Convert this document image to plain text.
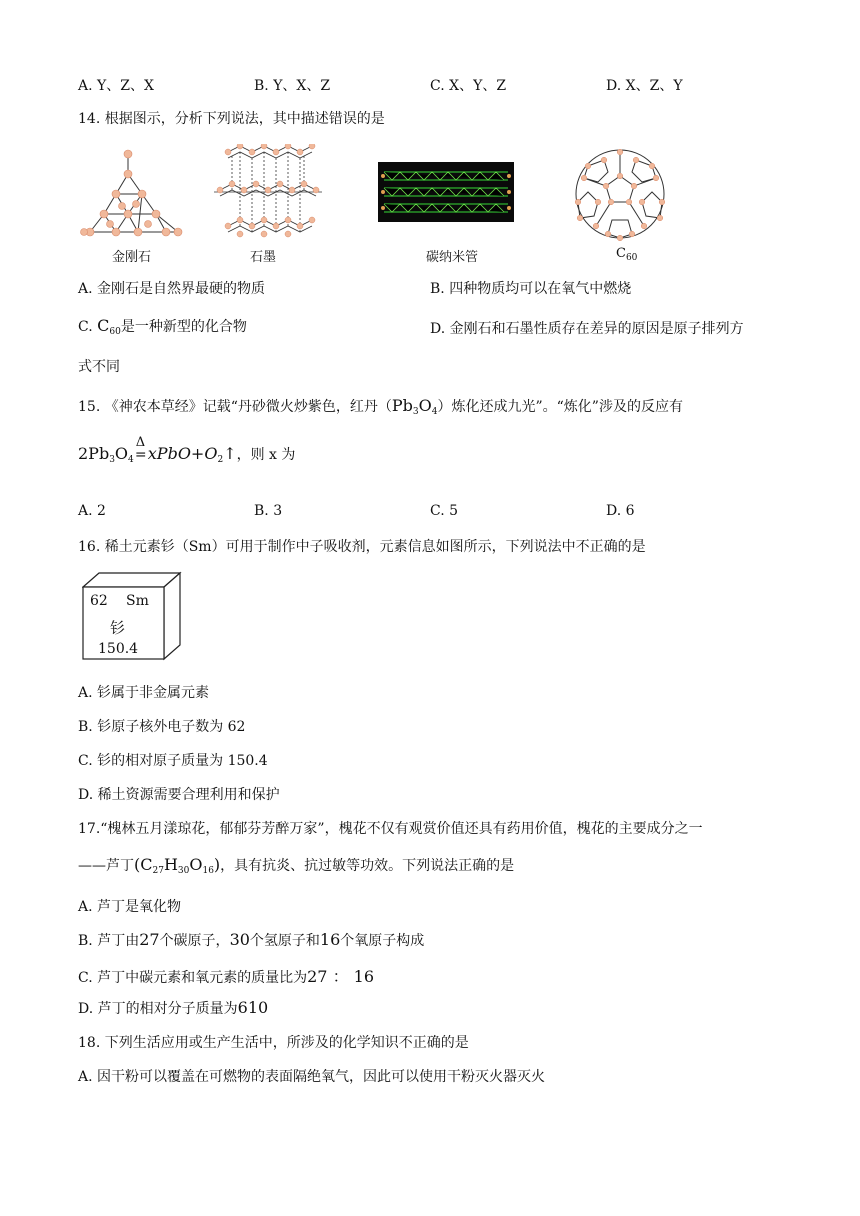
A. Y、Z、X	B. Y、X、Z	C. X、Y、Z	D. X、Z、Y
14. 根据图示，分析下列说法，其中描述错误的是
金刚石	石墨	碳纳米管	$C_{60}$
A. 金刚石是自然界最硬的物质	B. 四种物质均可以在氧气中燃烧
C. $C_{60}$是一种新型的化合物	D. 金刚石和石墨性质存在差异的原因是原子排列方
式不同
15. 《神农本草经》记载“丹砂微火炒紫色，红丹$(Pb_3O_4)$炼化还成九光”。“炼化”涉及的反应有
$2Pb_3O_4$
Δ
$=xPbO+O_2↑$，则 x 为
A. 2	B. 3	C. 5	D. 6
16. 稀土元素钐（Sm）可用于制作中子吸收剂，元素信息如图所示，下列说法中不正确的是
62 Sm
钐
150.4
A. 钐属于非金属元素
B. 钐原子核外电子数为 62
C. 钐的相对原子质量为 150.4
D. 稀土资源需要合理利用和保护
17.“槐林五月漾琼花，郁郁芬芳醉万家”，槐花不仅有观赏价值还具有药用价值，槐花的主要成分之一
——芦丁$(C_{27}H_{30}O_{16})$，具有抗炎、抗过敏等功效。下列说法正确的是
A. 芦丁是氧化物
B. 芦丁由27个碳原子，30个氢原子和16个氧原子构成
C. 芦丁中碳元素和氧元素的质量比为27 ： 16
D. 芦丁的相对分子质量为610
18. 下列生活应用或生产生活中，所涉及的化学知识不正确的是
A. 因干粉可以覆盖在可燃物的表面隔绝氧气，因此可以使用干粉灭火器灭火
